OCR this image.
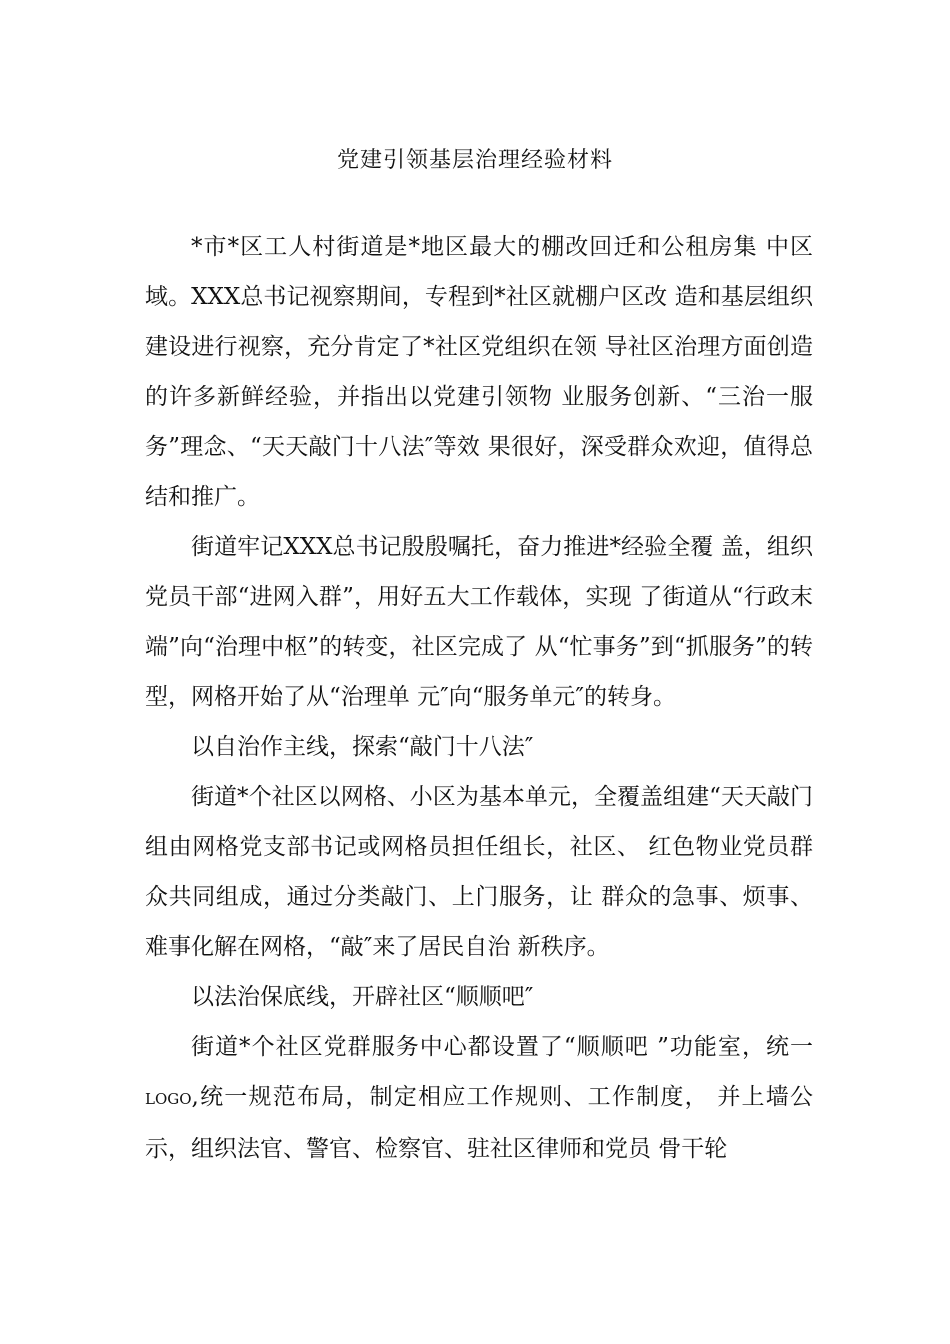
党建引领基层治理经验材料

*市*区工人村街道是*地区最大的棚改回迁和公租房集 中区域。XXX总书记视察期间，专程到*社区就棚户区改 造和基层组织建设进行视察，充分肯定了*社区党组织在领 导社区治理方面创造的许多新鲜经验，并指出以党建引领物 业服务创新、“三治一服务”理念、“天天敲门十八法″等效 果很好，深受群众欢迎，值得总结和推广。

街道牢记XXX总书记殷殷嘱托，奋力推进*经验全覆 盖，组织党员干部“进网入群”，用好五大工作载体，实现 了街道从“行政末端”向“治理中枢”的转变，社区完成了 从“忙事务”到“抓服务”的转型，网格开始了从“治理单 元″向“服务单元″的转身。

以自治作主线，探索“敲门十八法″

街道*个社区以网格、小区为基本单元，全覆盖组建“天天敲门组由网格党支部书记或网格员担任组长，社区、 红色物业党员群众共同组成，通过分类敲门、上门服务，让 群众的急事、烦事、难事化解在网格，“敲″来了居民自治 新秩序。

以法治保底线，开辟社区“顺顺吧″

街道*个社区党群服务中心都设置了“顺顺吧 ”功能室，统一 LOGO,统一规范布局，制定相应工作规则、工作制度， 并上墙公示，组织法官、警官、检察官、驻社区律师和党员 骨干轮
